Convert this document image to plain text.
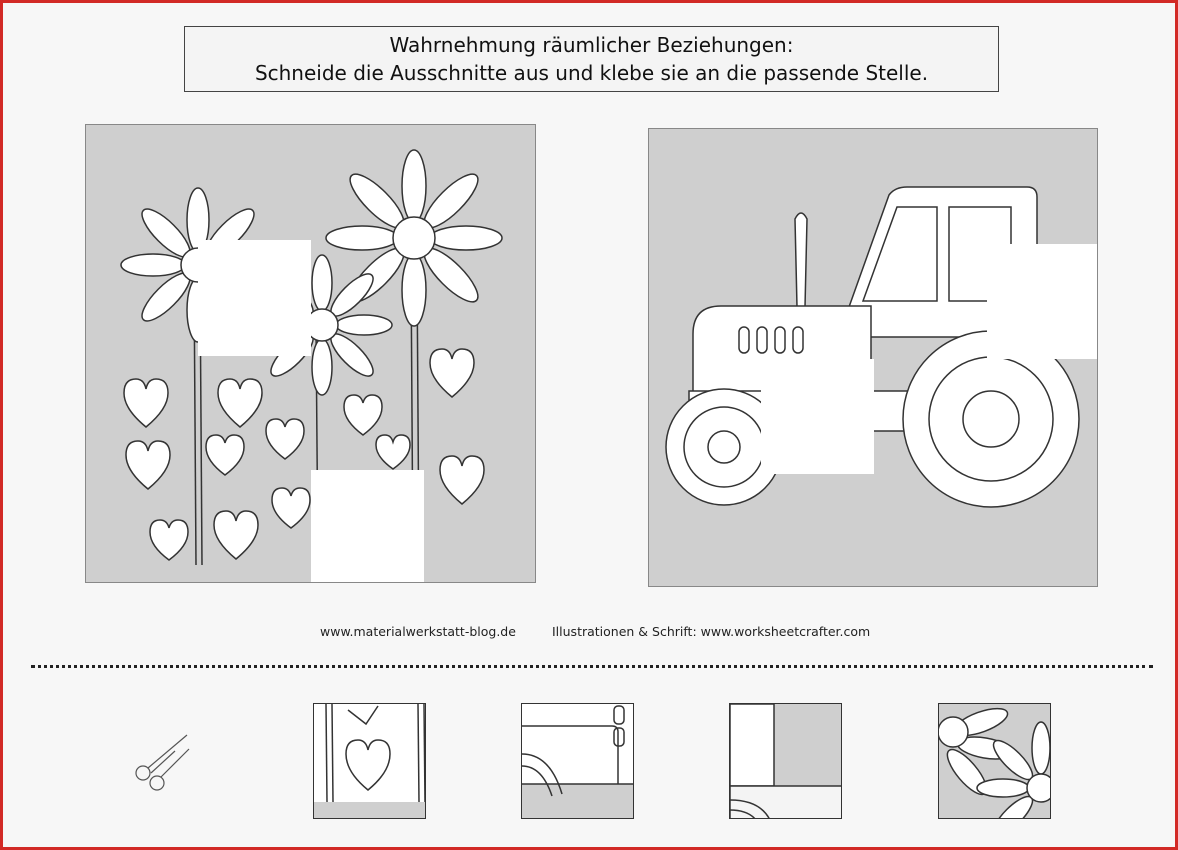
Wahrnehmung räumlicher Beziehungen:
Schneide die Ausschnitte aus und klebe sie an die passende Stelle.
www.materialwerkstatt-blog.de	Illustrationen & Schrift: www.worksheetcrafter.com
